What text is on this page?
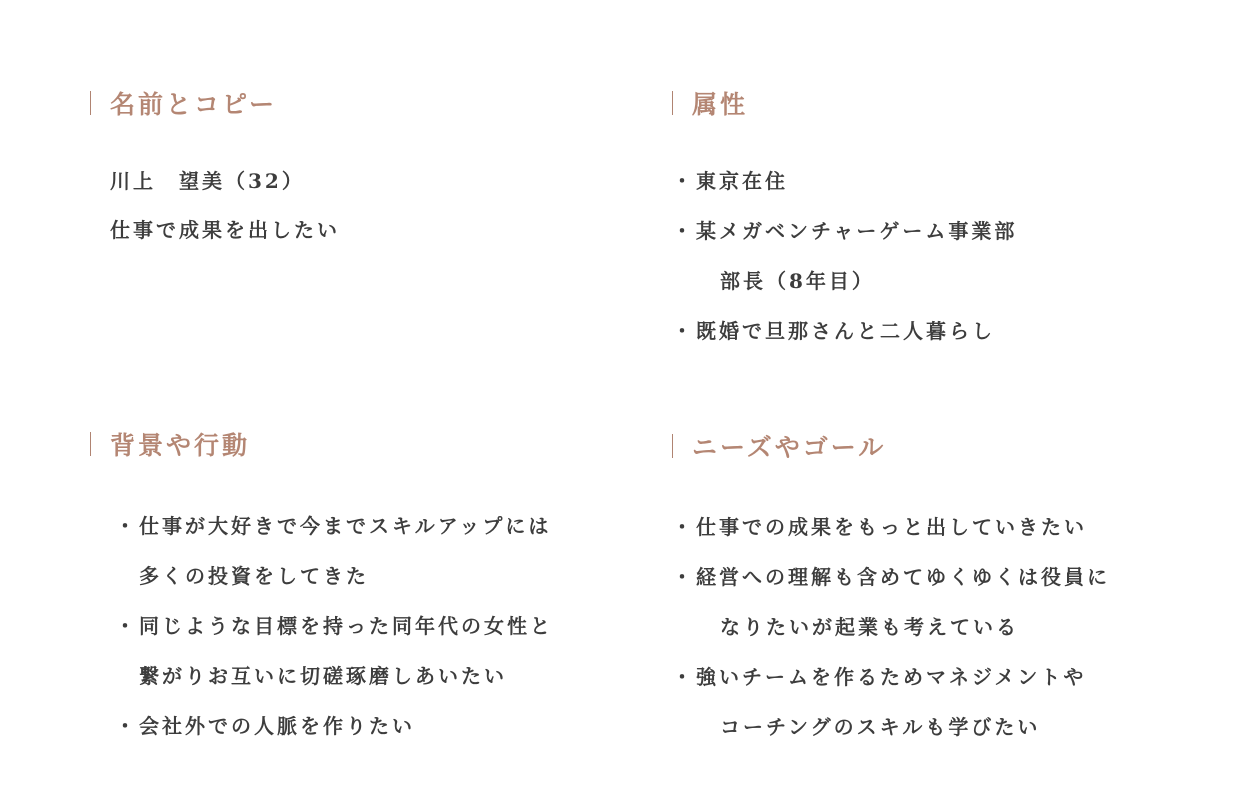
名前とコピー
川上　望美（32）
仕事で成果を出したい
属性
・東京在住
・某メガベンチャーゲーム事業部
部長（8年目）
・既婚で旦那さんと二人暮らし
背景や行動
・仕事が大好きで今までスキルアップには
多くの投資をしてきた
・同じような目標を持った同年代の女性と
繋がりお互いに切磋琢磨しあいたい
・会社外での人脈を作りたい
ニーズやゴール
・仕事での成果をもっと出していきたい
・経営への理解も含めてゆくゆくは役員に
なりたいが起業も考えている
・強いチームを作るためマネジメントや
コーチングのスキルも学びたい
